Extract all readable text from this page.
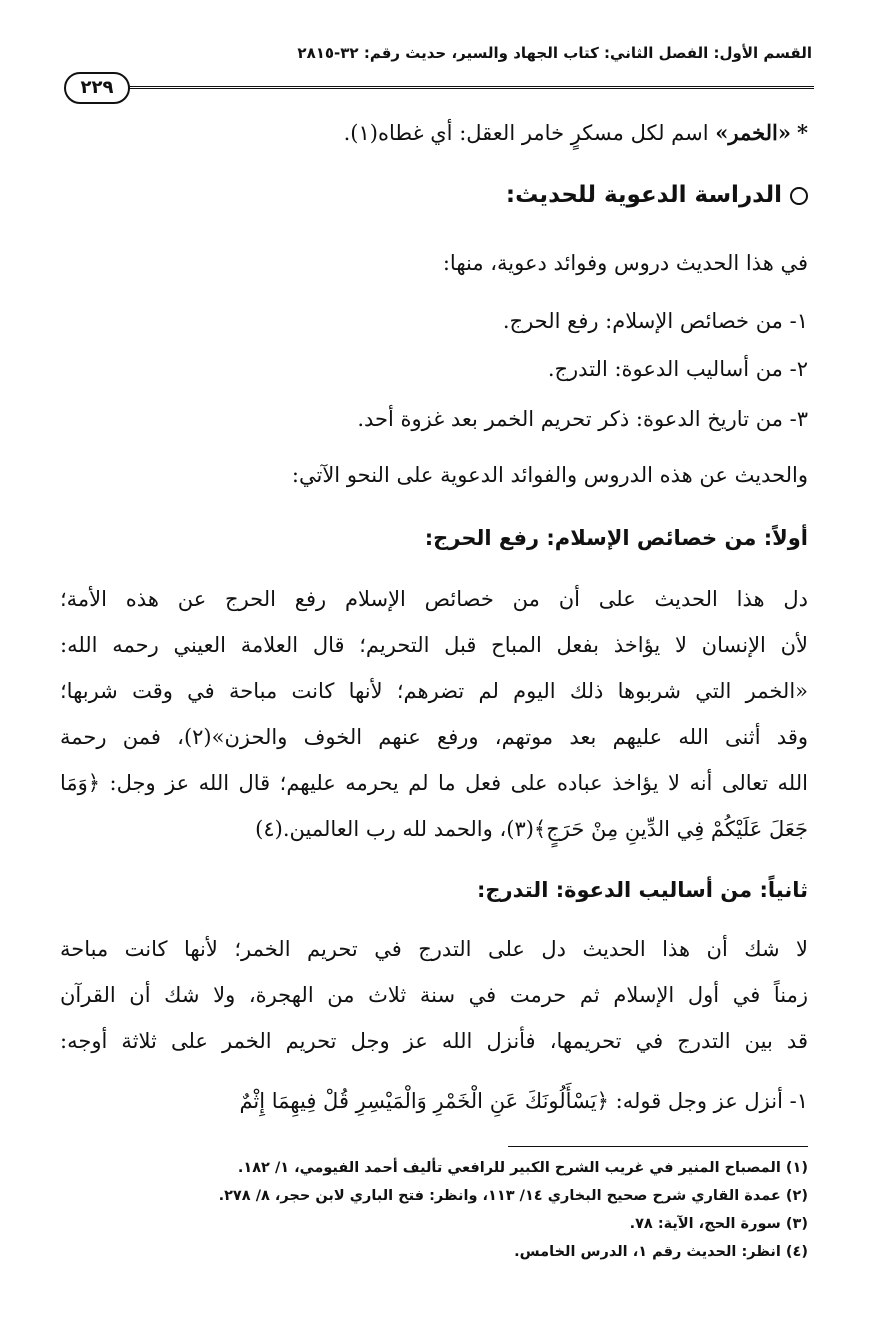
القسم الأول: الفصل الثاني: كتاب الجهاد والسير، حديث رقم: ٣٢-٢٨١٥
٢٢٩
*«الخمر» اسم لكل مسكرٍ خامر العقل: أي غطاه(١).
الدراسة الدعوية للحديث:
في هذا الحديث دروس وفوائد دعوية، منها:
١- من خصائص الإسلام: رفع الحرج.
٢- من أساليب الدعوة: التدرج.
٣- من تاريخ الدعوة: ذكر تحريم الخمر بعد غزوة أحد.
والحديث عن هذه الدروس والفوائد الدعوية على النحو الآتي:
أولاً: من خصائص الإسلام: رفع الحرج:
دل هذا الحديث على أن من خصائص الإسلام رفع الحرج عن هذه الأمة؛
لأن الإنسان لا يؤاخذ بفعل المباح قبل التحريم؛ قال العلامة العيني رحمه الله:
«الخمر التي شربوها ذلك اليوم لم تضرهم؛ لأنها كانت مباحة في وقت شربها؛
وقد أثنى الله عليهم بعد موتهم، ورفع عنهم الخوف والحزن»(٢)، فمن رحمة
الله تعالى أنه لا يؤاخذ عباده على فعل ما لم يحرمه عليهم؛ قال الله عز وجل: ﴿وَمَا
جَعَلَ عَلَيْكُمْ فِي الدِّينِ مِنْ حَرَجٍ﴾(٣)، والحمد لله رب العالمين.(٤)
ثانياً: من أساليب الدعوة: التدرج:
لا شك أن هذا الحديث دل على التدرج في تحريم الخمر؛ لأنها كانت مباحة
زمناً في أول الإسلام ثم حرمت في سنة ثلاث من الهجرة، ولا شك أن القرآن
قد بين التدرج في تحريمها، فأنزل الله عز وجل تحريم الخمر على ثلاثة أوجه:
١- أنزل عز وجل قوله: ﴿يَسْأَلُونَكَ عَنِ الْخَمْرِ وَالْمَيْسِرِ قُلْ فِيهِمَا إِثْمٌ
(١) المصباح المنير في غريب الشرح الكبير للرافعي تأليف أحمد الفيومي، ١/ ١٨٢.
(٢) عمدة القاري شرح صحيح البخاري ١٤/ ١١٣، وانظر: فتح الباري لابن حجر، ٨/ ٢٧٨.
(٣) سورة الحج، الآية: ٧٨.
(٤) انظر: الحديث رقم ١، الدرس الخامس.
